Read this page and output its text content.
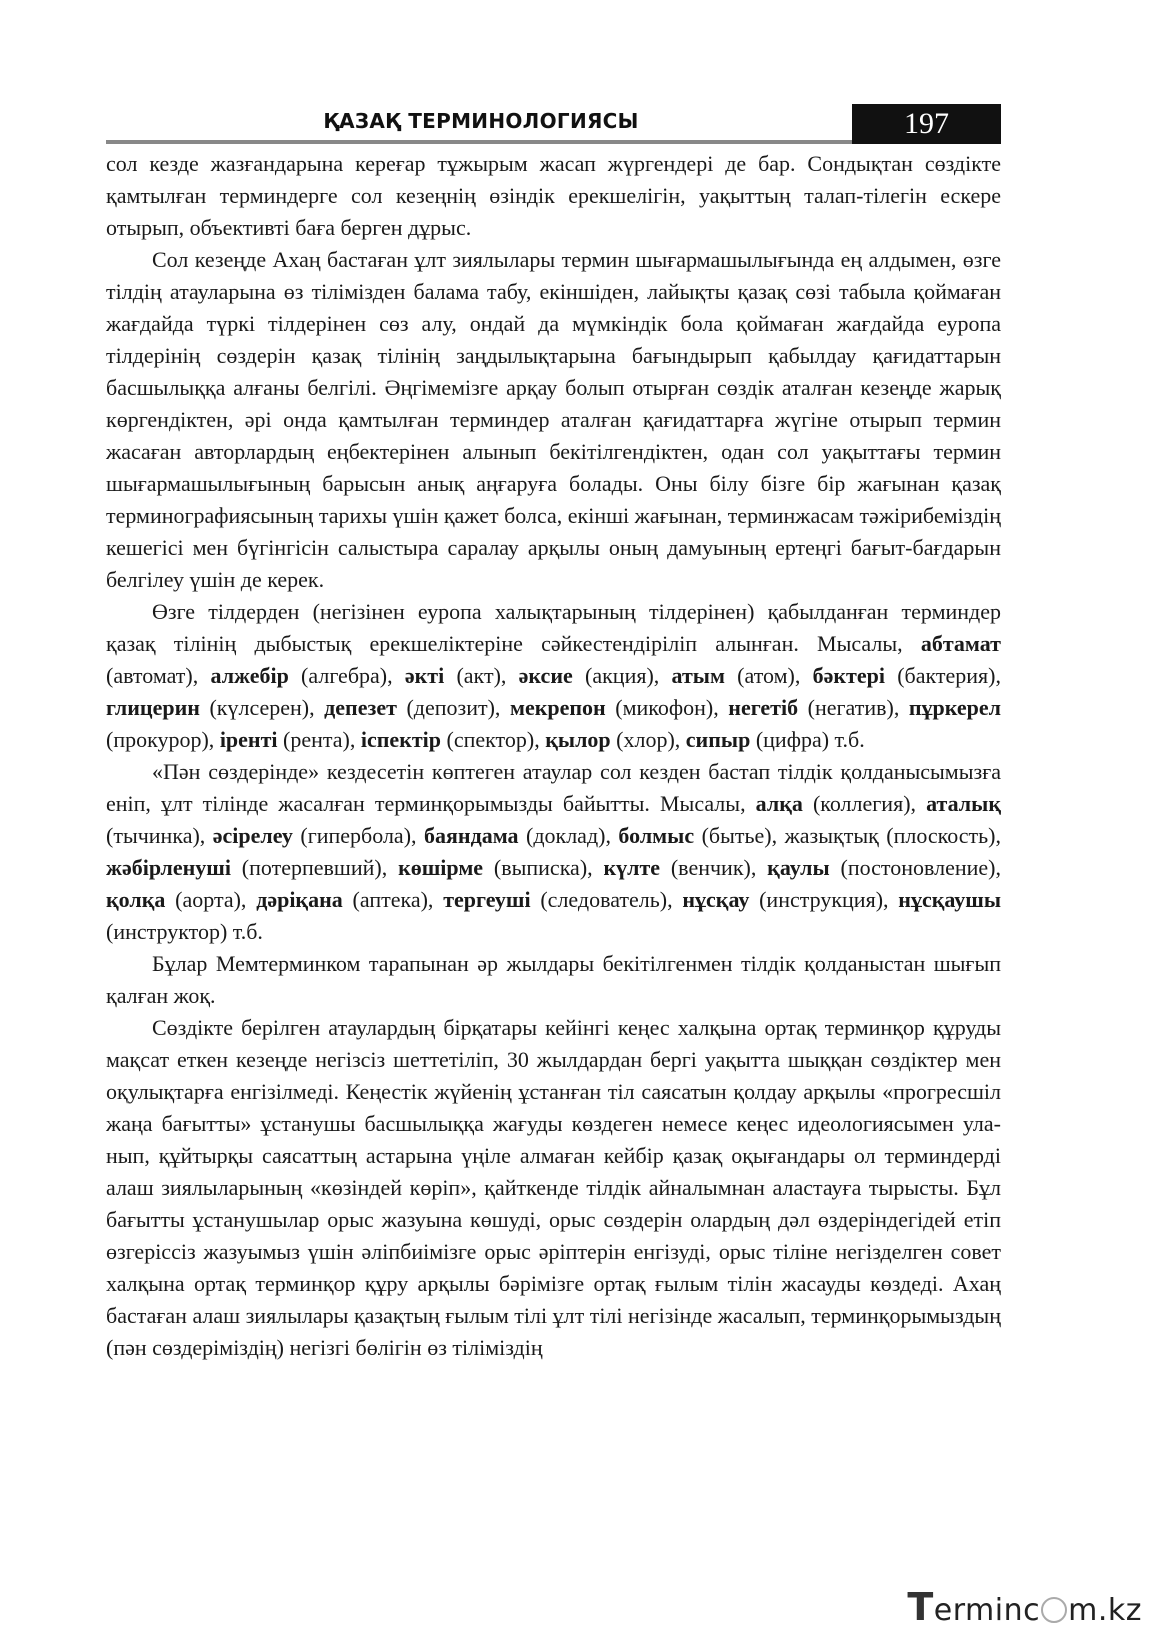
ҚАЗАҚ ТЕРМИНОЛОГИЯСЫ	197

сол кезде жазғандарына кереғар тұжырым жасап жүргендері де бар. Сондықтан сөздікте қамтылған терминдерге сол кезеңнің өзіндік ерекшелігін, уақыттың талап-тілегін ескере отырып, объективті баға берген дұрыс.

Сол кезеңде Ахаң бастаған ұлт зиялылары термин шығармашылығында ең алдымен, өзге тілдің атауларына өз тілімізден балама табу, екіншіден, лайықты қазақ сөзі табыла қоймаған жағдайда түркі тілдерінен сөз алу, ондай да мүмкіндік бола қоймаған жағдайда еуропа тілдерінің сөздерін қазақ тілінің заңдылықтарына бағындырып қабылдау қағидаттарын басшылыққа алғаны белгілі. Әңгімемізге арқау болып отырған сөздік аталған кезеңде жарық көргендіктен, әрі онда қамтылған терминдер аталған қағидаттарға жүгіне отырып термин жасаған авторлардың еңбектерінен алынып бекітілгендіктен, одан сол уақыттағы термин шығармашылығының барысын анық аңғаруға болады. Оны білу бізге бір жағынан қазақ терминографиясының тарихы үшін қажет болса, екінші жағынан, терминжасам тәжірибеміздің кешегісі мен бүгінгісін салыстыра саралау арқылы оның дамуының ертеңгі бағыт-бағдарын белгілеу үшін де керек.

Өзге тілдерден (негізінен еуропа халықтарының тілдерінен) қабылданған терминдер қазақ тілінің дыбыстық ерекшеліктеріне сәйкестендіріліп алынған. Мысалы, абтамат (автомат), алжебір (алгебра), әкті (акт), әксие (акция), атым (атом), бәктері (бактерия), глицерин (күлсерен), депезет (депозит), мекрепон (микофон), негетіб (негатив), пұркерел (прокурор), іренті (рента), іспектір (спектор), қылор (хлор), сипыр (цифра) т.б.

«Пән сөздерінде» кездесетін көптеген атаулар сол кезден бастап тілдік қолданысымызға еніп, ұлт тілінде жасалған терминқорымызды байытты. Мысалы, алқа (коллегия), аталық (тычинка), әсірелеу (гипербола), баяндама (доклад), болмыс (бытье), жазықтық (плоскость), жәбірленуші (потерпевший), көшірме (выписка), күлте (венчик), қаулы (постоновление), қолқа (аорта), дәріқана (аптека), тергеуші (следователь), нұсқау (инструкция), нұсқаушы (инструктор) т.б.

Бұлар Мемтерминком тарапынан әр жылдары бекітілгенмен тілдік қолданыстан шығып қалған жоқ.

Сөздікте берілген атаулардың бірқатары кейінгі кеңес халқына ортақ терминқор құруды мақсат еткен кезеңде негізсіз шеттетіліп, 30 жылдардан бергі уақытта шыққан сөздіктер мен оқулықтарға енгізілмеді. Кеңестік жүйенің ұстанған тіл саясатын қолдау арқылы «прогресшіл жаңа бағытты» ұстанушы басшылыққа жағуды көздеген немесе кеңес идеологиясымен уланып, құйтырқы саясаттың астарына үңіле алмаған кейбір қазақ оқығандары ол терминдерді алаш зиялыларының «көзіндей көріп», қайткенде тілдік айналымнан аластауға тырысты. Бұл бағытты ұстанушылар орыс жазуына көшуді, орыс сөздерін олардың дәл өздеріндегідей етіп өзгеріссіз жазуымыз үшін әліпбиімізге орыс әріптерін енгізуді, орыс тіліне негізделген совет халқына ортақ терминқор құру арқылы бәрімізге ортақ ғылым тілін жасауды көздеді. Ахаң бастаған алаш зиялылары қазақтың ғылым тілі ұлт тілі негізінде жасалып, терминқорымыздың (пән сөздеріміздің) негізгі бөлігін өз тіліміздің

Terminc m.kz
